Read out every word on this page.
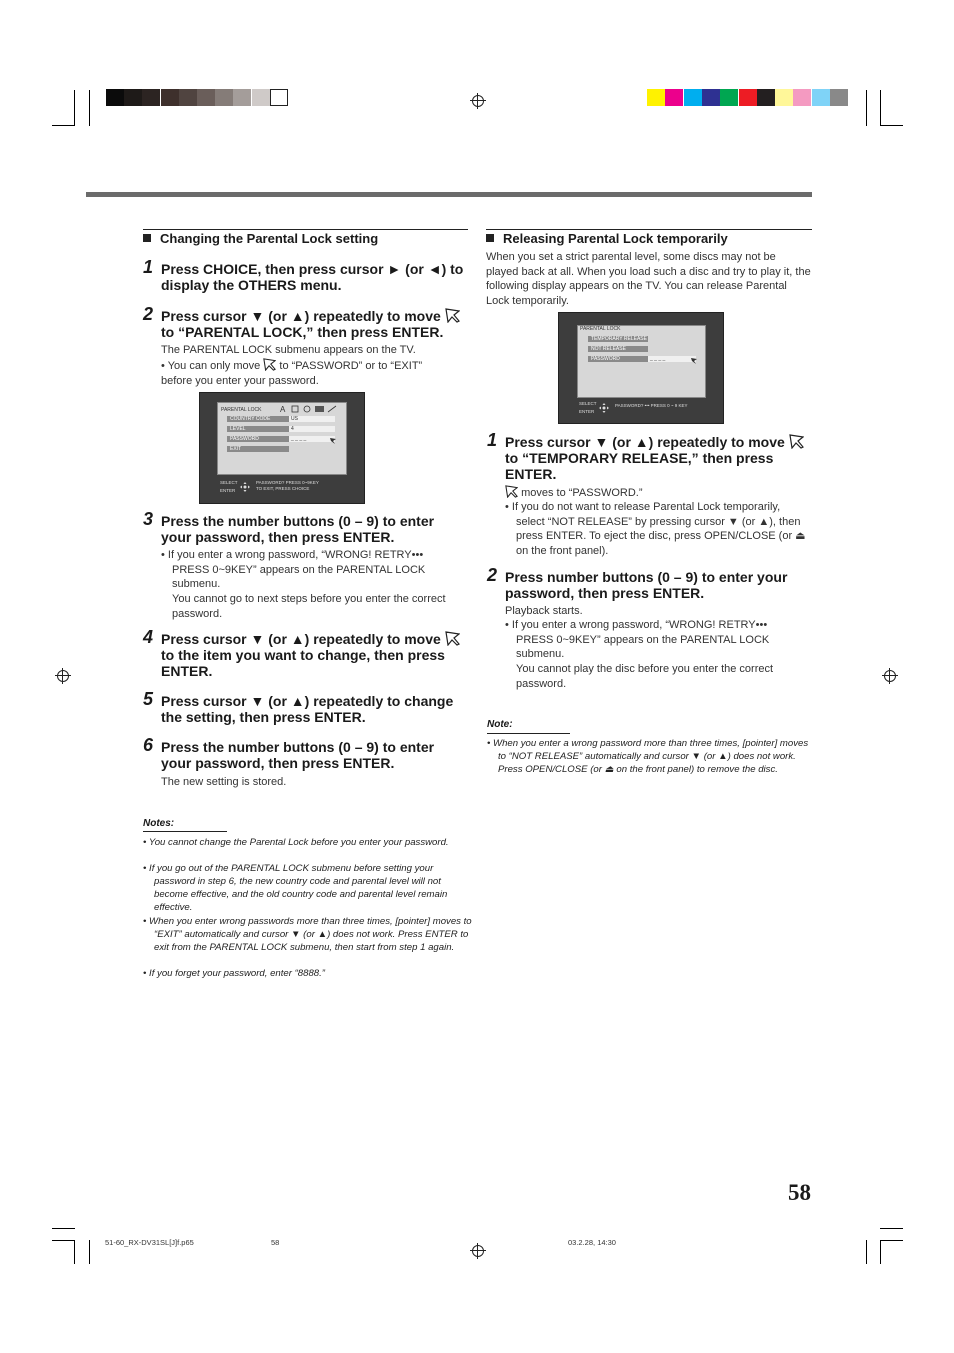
Changing the Parental Lock setting
1 Press CHOICE, then press cursor ► (or ◄) to display the OTHERS menu.
2 Press cursor ▼ (or ▲) repeatedly to move
to “PARENTAL LOCK,” then press ENTER.
The PARENTAL LOCK submenu appears on the TV.
• You can only move to “PASSWORD” or to “EXIT” before you enter your password.
PARENTAL LOCK A
COUNTRY CODE	US
LEVEL	4
PASSWORD	_ _ _ _
EXIT
SELECT
ENTER
PASSWORD? PRESS 0~9KEY
TO EXIT, PRESS CHOICE
3 Press the number buttons (0 – 9) to enter your password, then press ENTER.
• If you enter a wrong password, “WRONG! RETRY••• PRESS 0~9KEY” appears on the PARENTAL LOCK submenu.
You cannot go to next steps before you enter the correct password.
4 Press cursor ▼ (or ▲) repeatedly to move
to the item you want to change, then press ENTER.
5 Press cursor ▼ (or ▲) repeatedly to change the setting, then press ENTER.
6 Press the number buttons (0 – 9) to enter your password, then press ENTER.
The new setting is stored.
Notes:
• You cannot change the Parental Lock before you enter your password.
• If you go out of the PARENTAL LOCK submenu before setting your password in step 6, the new country code and parental level will not become effective, and the old country code and parental level remain effective.
• When you enter wrong passwords more than three times, [pointer] moves to “EXIT” automatically and cursor ▼ (or ▲) does not work. Press ENTER to exit from the PARENTAL LOCK submenu, then start from step 1 again.
• If you forget your password, enter “8888.”
Releasing Parental Lock temporarily
When you set a strict parental level, some discs may not be played back at all. When you load such a disc and try to play it, the following display appears on the TV. You can release Parental Lock temporarily.
PARENTAL LOCK
TEMPORARY RELEASE
NOT RELEASE
PASSWORD	_ _ _ _
SELECT
ENTER
PASSWORD? ••• PRESS 0 ~ 9 KEY
1 Press cursor ▼ (or ▲) repeatedly to move
to “TEMPORARY RELEASE,” then press ENTER.
moves to “PASSWORD.”
• If you do not want to release Parental Lock temporarily, select “NOT RELEASE” by pressing cursor ▼ (or ▲), then press ENTER. To eject the disc, press OPEN/CLOSE (or ⏏ on the front panel).
2 Press number buttons (0 – 9) to enter your password, then press ENTER.
Playback starts.
• If you enter a wrong password, “WRONG! RETRY••• PRESS 0~9KEY” appears on the PARENTAL LOCK submenu.
You cannot play the disc before you enter the correct password.
Note:
• When you enter a wrong password more than three times, [pointer] moves to “NOT RELEASE” automatically and cursor ▼ (or ▲) does not work. Press OPEN/CLOSE (or ⏏ on the front panel) to remove the disc.
58
51-60_RX-DV31SL[J]f.p65	58	03.2.28, 14:30
